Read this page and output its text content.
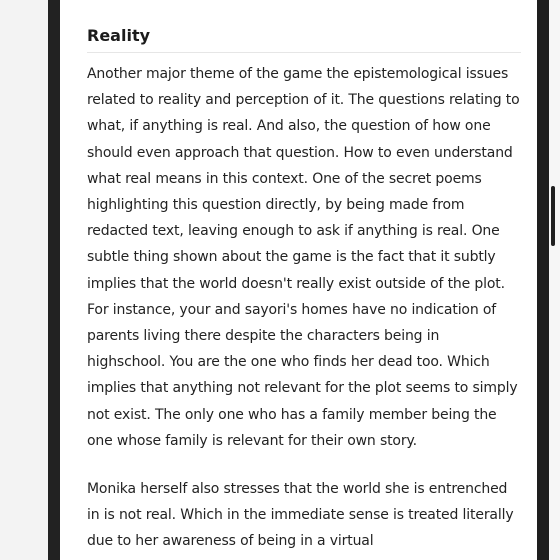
Reality

Another major theme of the game the epistemological issues related to reality and perception of it. The questions relating to what, if anything is real. And also, the question of how one should even approach that question. How to even understand what real means in this context. One of the secret poems highlighting this question directly, by being made from redacted text, leaving enough to ask if anything is real. One subtle thing shown about the game is the fact that it subtly implies that the world doesn't really exist outside of the plot. For instance, your and sayori's homes have no indication of parents living there despite the characters being in highschool. You are the one who finds her dead too. Which implies that anything not relevant for the plot seems to simply not exist. The only one who has a family member being the one whose family is relevant for their own story.

Monika herself also stresses that the world she is entrenched in is not real. Which in the immediate sense is treated literally due to her awareness of being in a virtual
